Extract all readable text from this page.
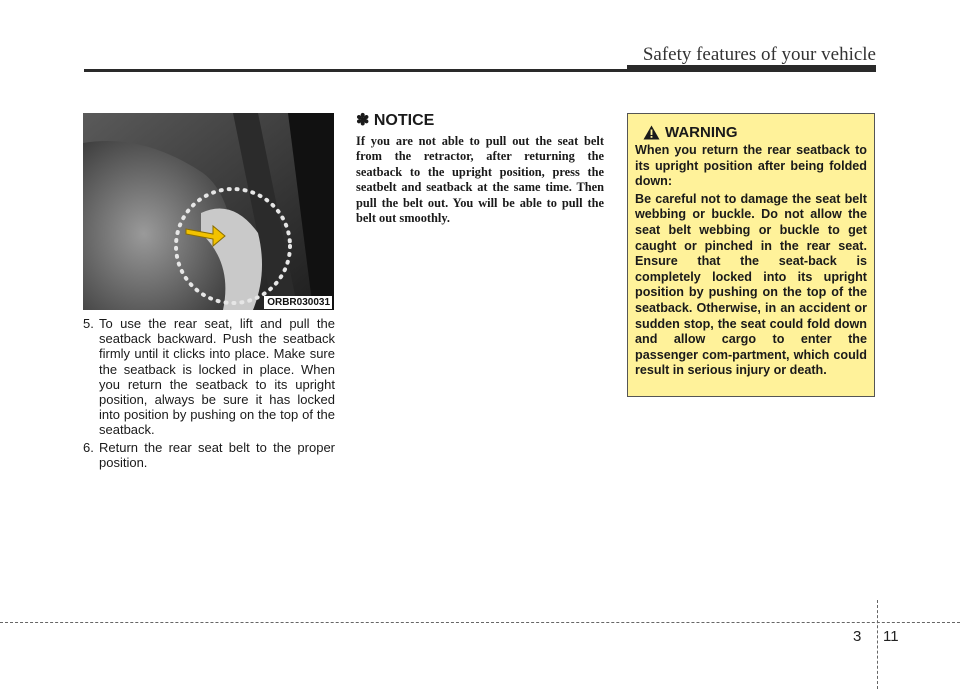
Safety features of your vehicle
ORBR030031
5. To use the rear seat, lift and pull the seatback backward. Push the seatback firmly until it clicks into place. Make sure the seatback is locked in place. When you return the seatback to its upright position, always be sure it has locked into position by pushing on the top of the seatback.
6. Return the rear seat belt to the proper position.
✽ NOTICE

If you are not able to pull out the seat belt from the retractor, after returning the seatback to the upright position, press the seatbelt and seatback at the same time. Then pull the belt out. You will be able to pull the belt out smoothly.

WARNING

When you return the rear seatback to its upright position after being folded down:

Be careful not to damage the seat belt webbing or buckle. Do not allow the seat belt webbing or buckle to get caught or pinched in the rear seat. Ensure that the seat-back is completely locked into its upright position by pushing on the top of the seatback. Otherwise, in an accident or sudden stop, the seat could fold down and allow cargo to enter the passenger com-partment, which could result in serious injury or death.

3 11
